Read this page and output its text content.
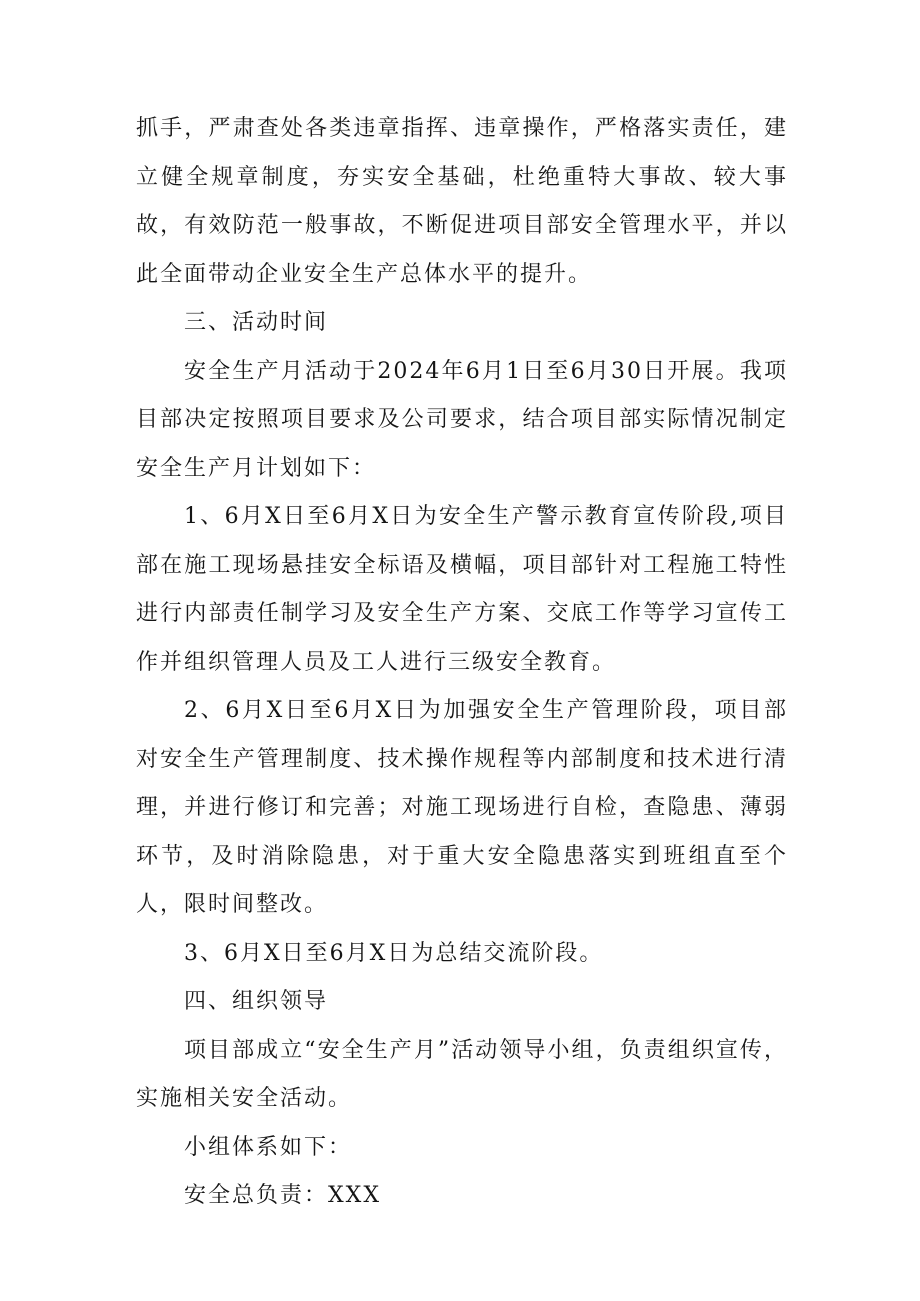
抓手，严肃查处各类违章指挥、违章操作，严格落实责任，建立健全规章制度，夯实安全基础，杜绝重特大事故、较大事故，有效防范一般事故，不断促进项目部安全管理水平，并以此全面带动企业安全生产总体水平的提升。

三、活动时间

安全生产月活动于2024年6月1日至6月30日开展。我项目部决定按照项目要求及公司要求，结合项目部实际情况制定安全生产月计划如下：

1、6月X日至6月X日为安全生产警示教育宣传阶段,项目部在施工现场悬挂安全标语及横幅，项目部针对工程施工特性进行内部责任制学习及安全生产方案、交底工作等学习宣传工作并组织管理人员及工人进行三级安全教育。

2、6月X日至6月X日为加强安全生产管理阶段，项目部对安全生产管理制度、技术操作规程等内部制度和技术进行清理，并进行修订和完善；对施工现场进行自检，查隐患、薄弱环节，及时消除隐患，对于重大安全隐患落实到班组直至个人，限时间整改。

3、6月X日至6月X日为总结交流阶段。

四、组织领导

项目部成立“安全生产月”活动领导小组，负责组织宣传，实施相关安全活动。

小组体系如下：

安全总负责：XXX
